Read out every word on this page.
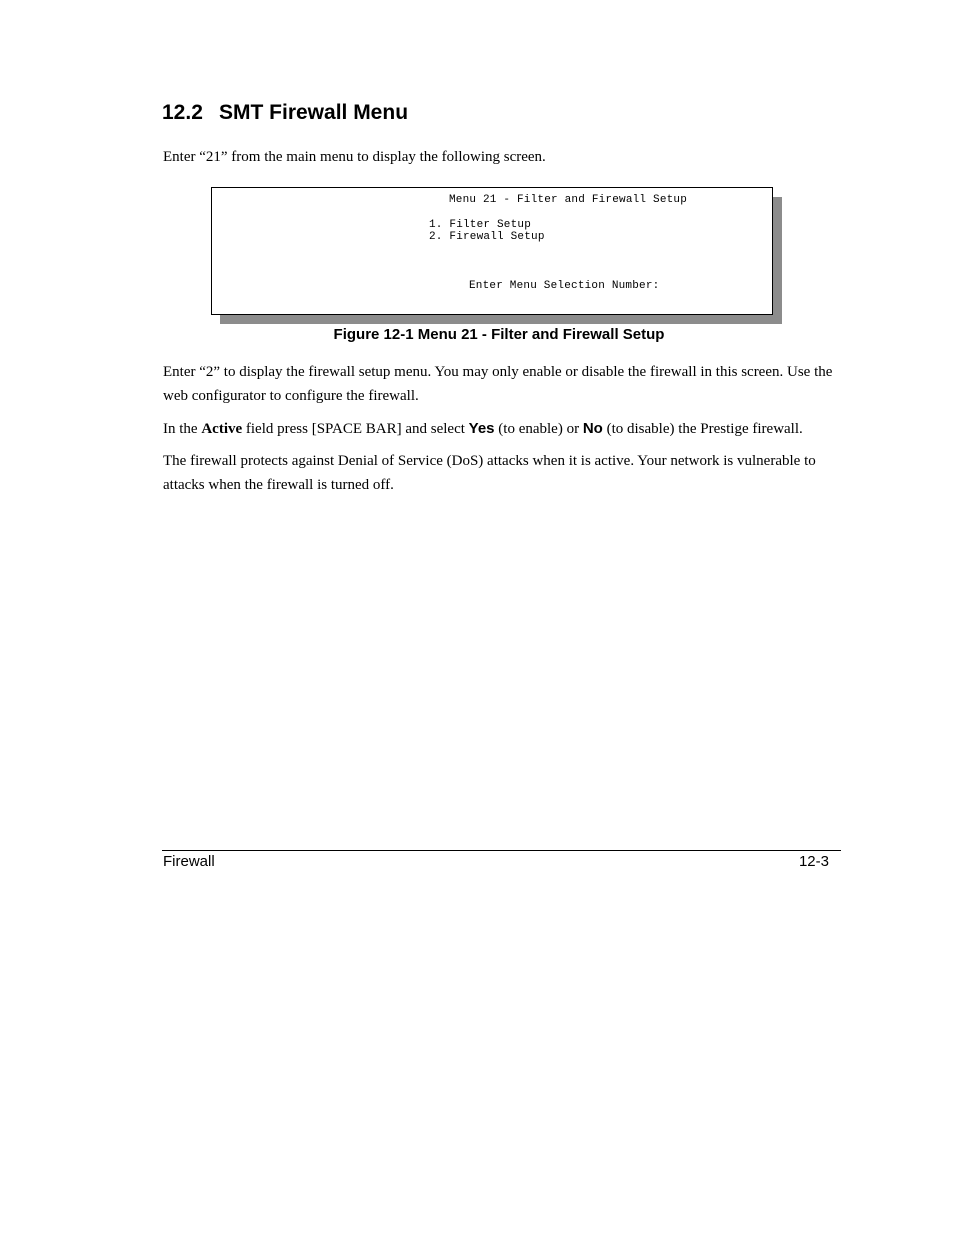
12.2 SMT Firewall Menu

Enter “21” from the main menu to display the following screen.

Menu 21 - Filter and Firewall Setup
1. Filter Setup
2. Firewall Setup
Enter Menu Selection Number:

Figure 12-1 Menu 21 - Filter and Firewall Setup

Enter “2” to display the firewall setup menu. You may only enable or disable the firewall in this screen. Use the web configurator to configure the firewall.

In the Active field press [SPACE BAR] and select Yes (to enable) or No (to disable) the Prestige firewall.

The firewall protects against Denial of Service (DoS) attacks when it is active. Your network is vulnerable to attacks when the firewall is turned off.

Firewall	12-3
